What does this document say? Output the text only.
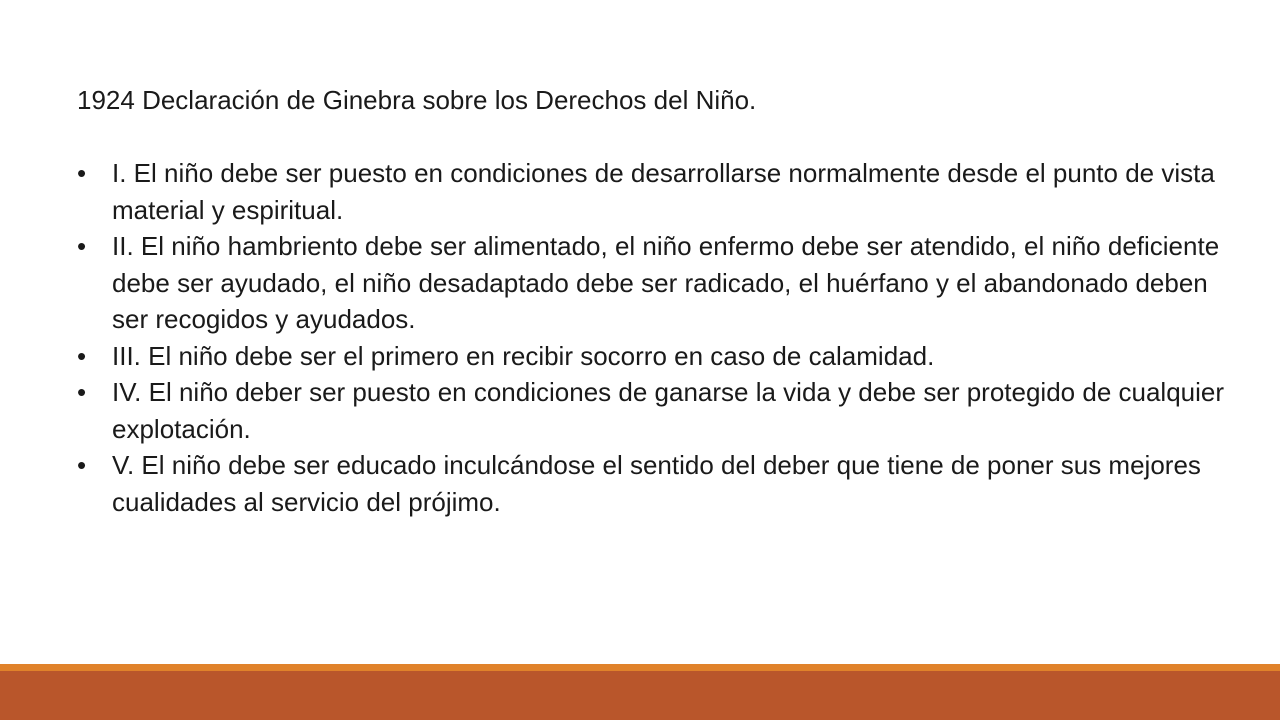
1924 Declaración de Ginebra sobre los Derechos del Niño.

• I. El niño debe ser puesto en condiciones de desarrollarse normalmente desde el punto de vista material y espiritual.
• II. El niño hambriento debe ser alimentado, el niño enfermo debe ser atendido, el niño deficiente debe ser ayudado, el niño desadaptado debe ser radicado, el huérfano y el abandonado deben ser recogidos y ayudados.
• III. El niño debe ser el primero en recibir socorro en caso de calamidad.
• IV. El niño deber ser puesto en condiciones de ganarse la vida y debe ser protegido de cualquier explotación.
• V. El niño debe ser educado inculcándose el sentido del deber que tiene de poner sus mejores cualidades al servicio del prójimo.
